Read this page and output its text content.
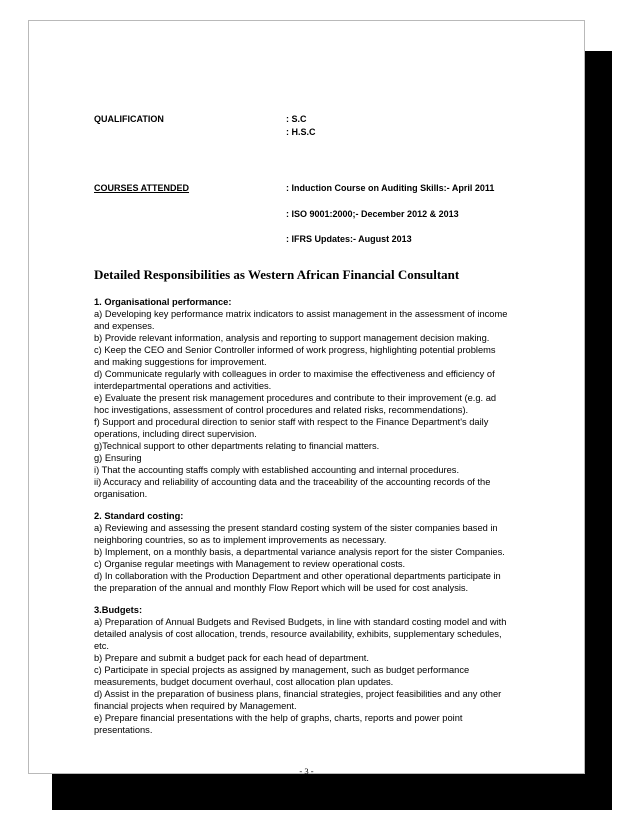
QUALIFICATION	: S.C
: H.S.C
COURSES ATTENDED	: Induction Course on Auditing Skills:- April 2011
: ISO 9001:2000;- December 2012 & 2013
: IFRS Updates:- August 2013
Detailed Responsibilities as Western African Financial Consultant
1. Organisational performance:
a) Developing key performance matrix indicators to assist management in the assessment of income
and expenses.
b) Provide relevant information, analysis and reporting to support management decision making.
c) Keep the CEO and Senior Controller informed of work progress, highlighting potential problems
and making suggestions for improvement.
d) Communicate regularly with colleagues in order to maximise the effectiveness and efficiency of
interdepartmental operations and activities.
e) Evaluate the present risk management procedures and contribute to their improvement (e.g. ad
hoc investigations, assessment of control procedures and related risks, recommendations).
f) Support and procedural direction to senior staff with respect to the Finance Department's daily
operations, including direct supervision.
g)Technical support to other departments relating to financial matters.
g) Ensuring
i) That the accounting staffs comply with established accounting and internal procedures.
ii) Accuracy and reliability of accounting data and the traceability of the accounting records of the
organisation.
2. Standard costing:
a) Reviewing and assessing the present standard costing system of the sister companies based in
neighboring countries, so as to implement improvements as necessary.
b) Implement, on a monthly basis, a departmental variance analysis report for the sister Companies.
c) Organise regular meetings with Management to review operational costs.
d) In collaboration with the Production Department and other operational departments participate in
the preparation of the annual and monthly Flow Report which will be used for cost analysis.
3.Budgets:
a) Preparation of Annual Budgets and Revised Budgets, in line with standard costing model and with
detailed analysis of cost allocation, trends, resource availability, exhibits, supplementary schedules,
etc.
b) Prepare and submit a budget pack for each head of department.
c) Participate in special projects as assigned by management, such as budget performance
measurements, budget document overhaul, cost allocation plan updates.
d) Assist in the preparation of business plans, financial strategies, project feasibilities and any other
financial projects when required by Management.
e) Prepare financial presentations with the help of graphs, charts, reports and power point
presentations.
- 3 -
